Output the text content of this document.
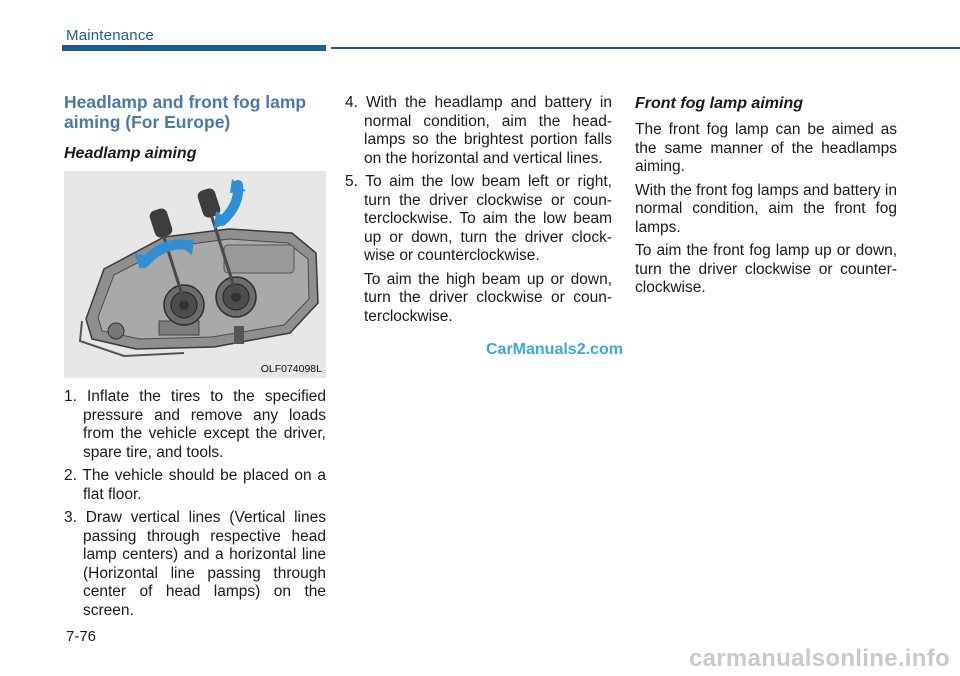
Maintenance
Headlamp and front fog lamp aiming (For Europe)
Headlamp aiming
OLF074098L
1. Inflate the tires to the specified pressure and remove any loads from the vehicle except the driver, spare tire, and tools.
2. The vehicle should be placed on a flat floor.
3. Draw vertical lines (Vertical lines passing through respective head lamp centers) and a horizontal line (Horizontal line passing through center of head lamps) on the screen.
4. With the headlamp and battery in normal condition, aim the head-lamps so the brightest portion falls on the horizontal and vertical lines.
5. To aim the low beam left or right, turn the driver clockwise or coun-terclockwise. To aim the low beam up or down, turn the driver clock-wise or counterclockwise.
To aim the high beam up or down, turn the driver clockwise or coun-terclockwise.
Front fog lamp aiming
The front fog lamp can be aimed as the same manner of the headlamps aiming.
With the front fog lamps and battery in normal condition, aim the front fog lamps.
To aim the front fog lamp up or down, turn the driver clockwise or counter-clockwise.
CarManuals2.com
7-76
carmanualsonline.info
